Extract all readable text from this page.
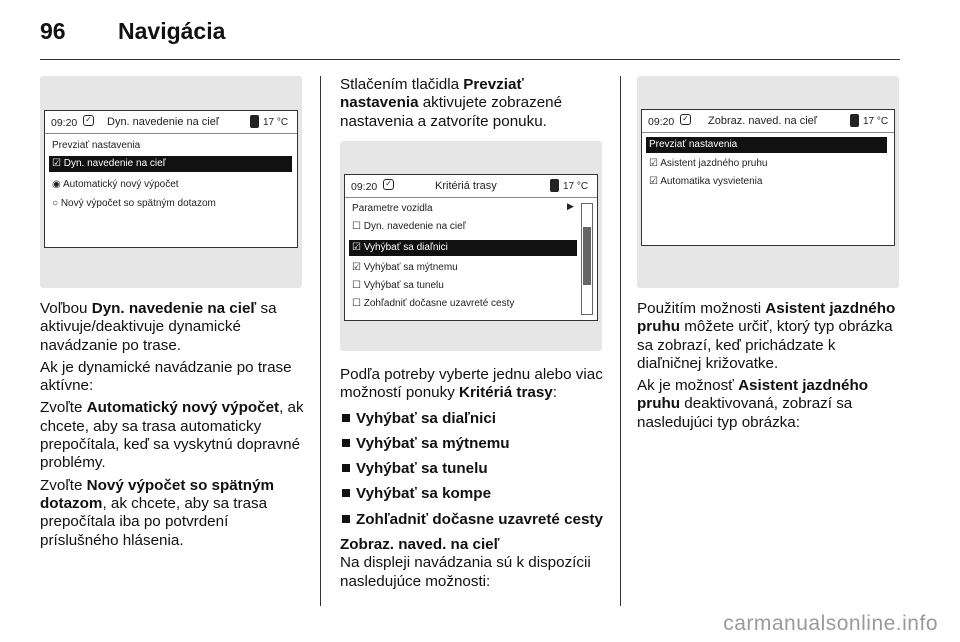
96 Navigácia
09:20 ✓ Dyn. navedenie na cieľ	17 °C
Prevziať nastavenia
☑ Dyn. navedenie na cieľ
◉ Automatický nový výpočet
○ Nový výpočet so spätným dotazom
09:20 ✓	Kritériá trasy	17 °C
Parametre vozidla	▶
☐ Dyn. navedenie na cieľ
☑ Vyhýbať sa diaľnici
☑ Vyhýbať sa mýtnemu
☐ Vyhýbať sa tunelu
☐ Zohľadniť dočasne uzavreté cesty
09:20 ✓ Zobraz. naved. na cieľ	17 °C
Prevziať nastavenia
☑ Asistent jazdného pruhu
☑ Automatika vysvietenia

Voľbou Dyn. navedenie na cieľ sa aktivuje/deaktivuje dynamické navádzanie po trase.

Ak je dynamické navádzanie po trase aktívne:

Zvoľte Automatický nový výpočet, ak chcete, aby sa trasa automaticky prepočítala, keď sa vyskytnú dopravné problémy.

Zvoľte Nový výpočet so spätným dotazom, ak chcete, aby sa trasa prepočítala iba po potvrdení príslušného hlásenia.

Stlačením tlačidla Prevziať nastavenia aktivujete zobrazené nastavenia a zatvoríte ponuku.

Podľa potreby vyberte jednu alebo viac možností ponuky Kritériá trasy:

Vyhýbať sa diaľnici
Vyhýbať sa mýtnemu
Vyhýbať sa tunelu
Vyhýbať sa kompe
Zohľadniť dočasne uzavreté cesty
Zobraz. naved. na cieľ

Na displeji navádzania sú k dispozícii nasledujúce možnosti:

Použitím možnosti Asistent jazdného pruhu môžete určiť, ktorý typ obrázka sa zobrazí, keď prichádzate k diaľničnej križovatke.

Ak je možnosť Asistent jazdného pruhu deaktivovaná, zobrazí sa nasledujúci typ obrázka:

carmanualsonline.info
